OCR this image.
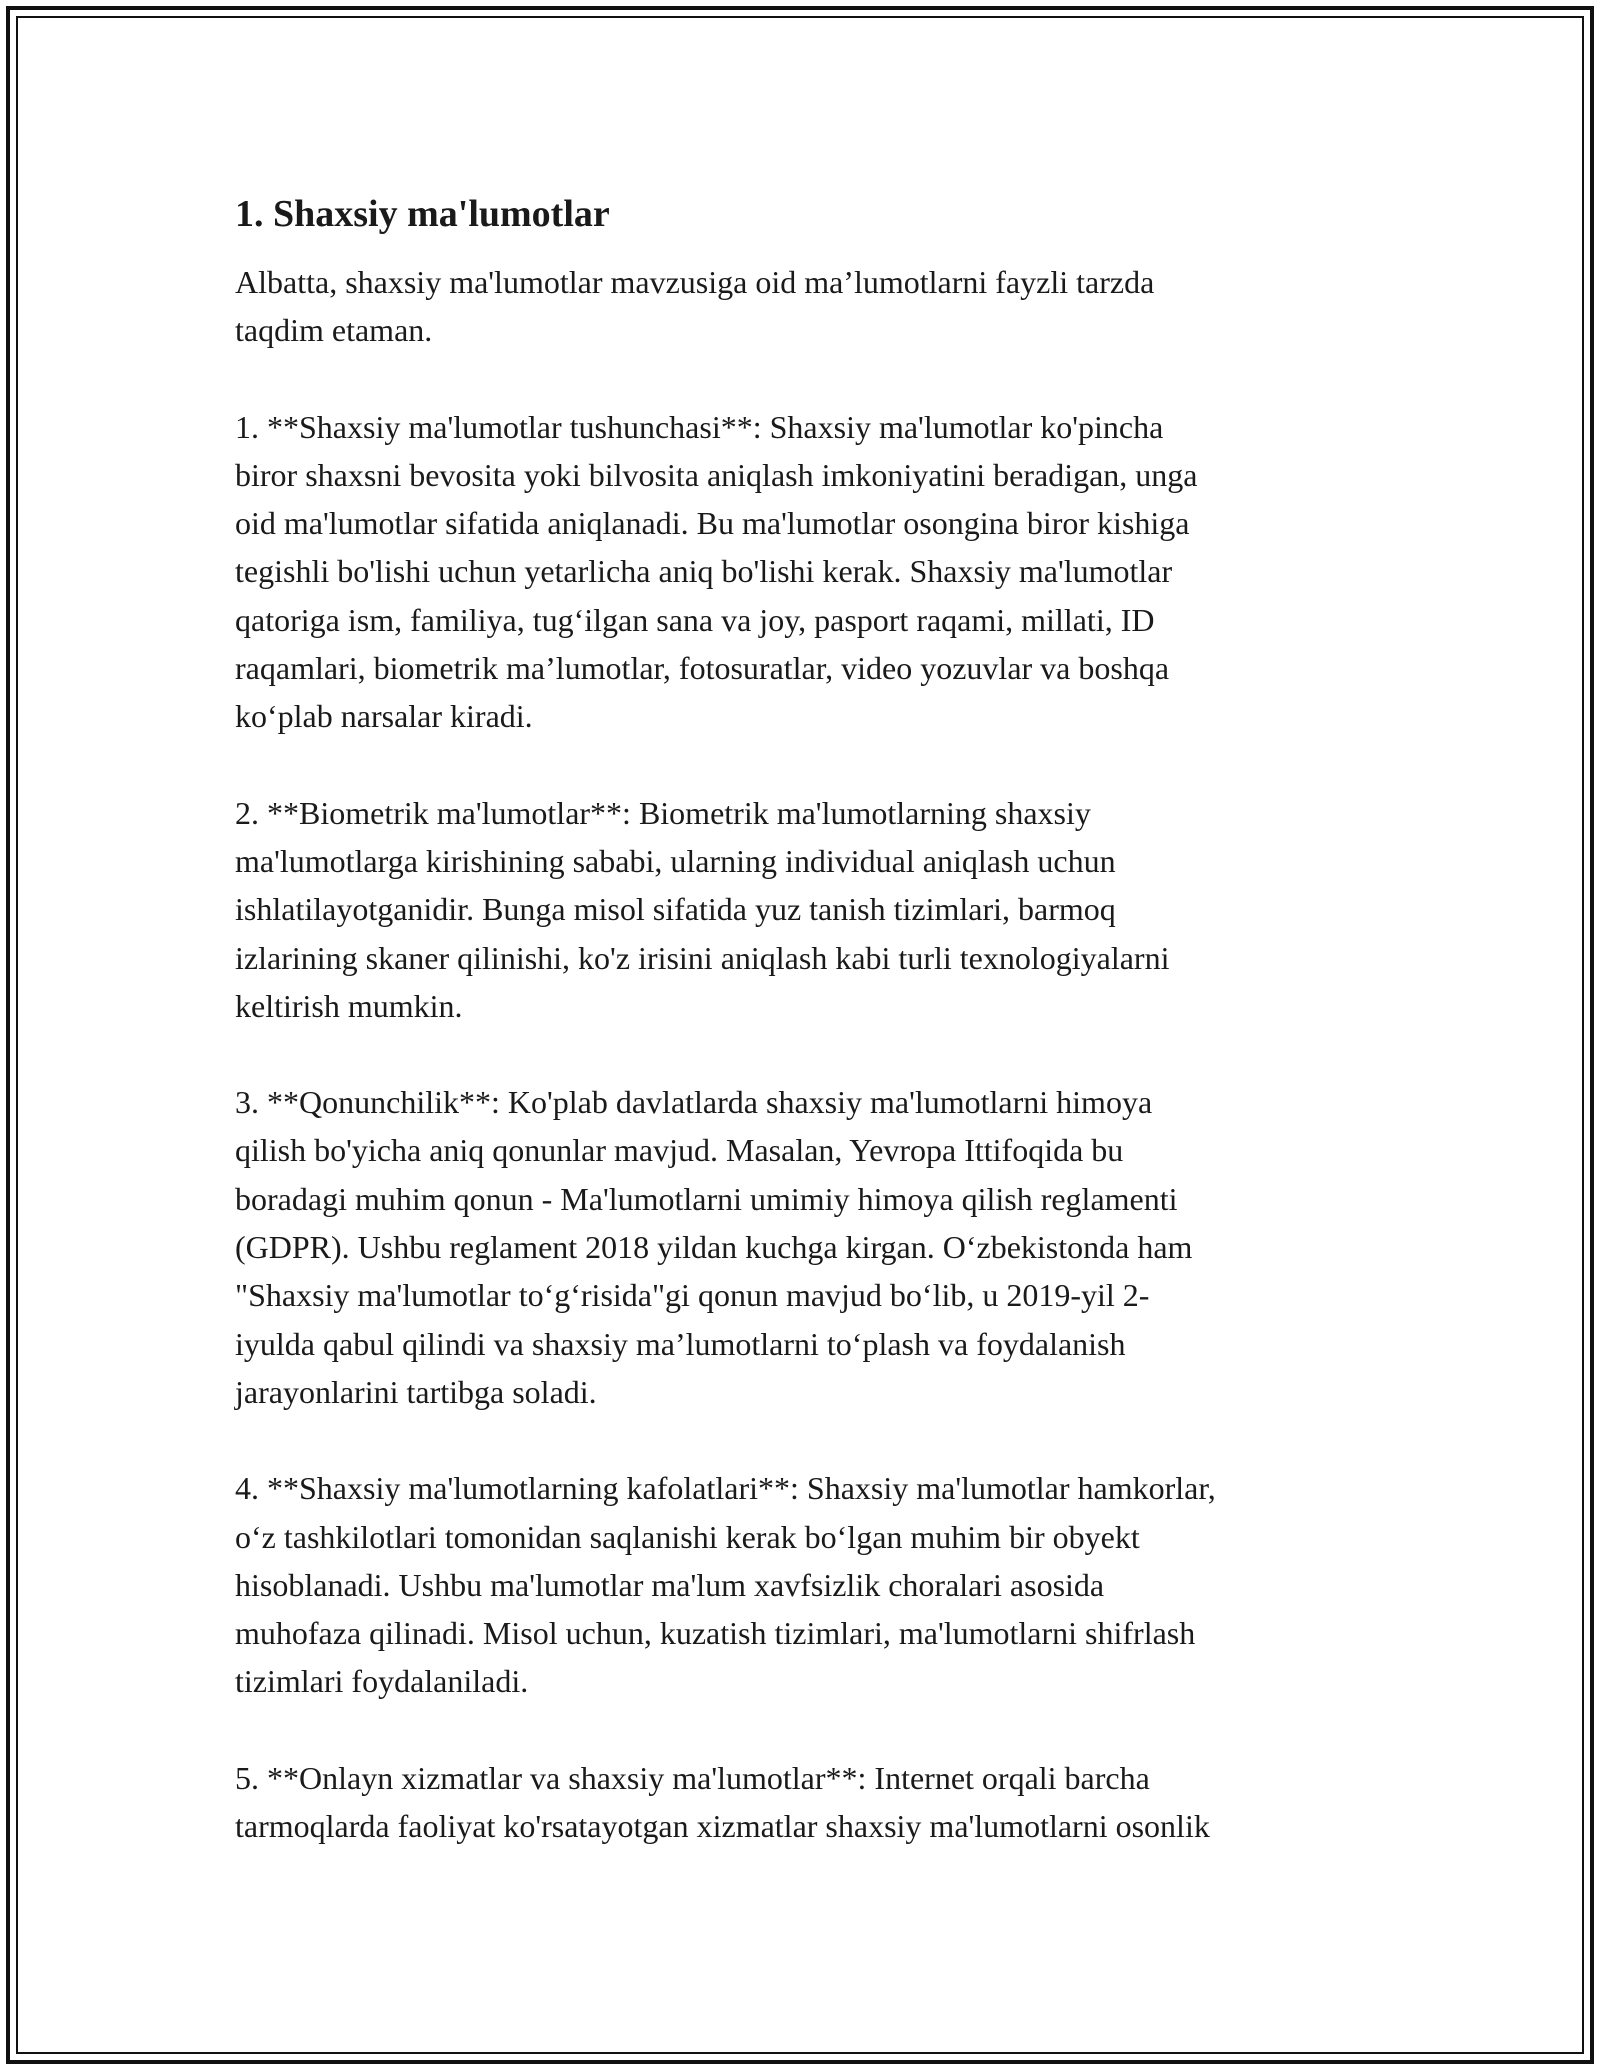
1. Shaxsiy ma'lumotlar

Albatta, shaxsiy ma'lumotlar mavzusiga oid ma’lumotlarni fayzli tarzda
taqdim etaman.

1. **Shaxsiy ma'lumotlar tushunchasi**: Shaxsiy ma'lumotlar ko'pincha
biror shaxsni bevosita yoki bilvosita aniqlash imkoniyatini beradigan, unga
oid ma'lumotlar sifatida aniqlanadi. Bu ma'lumotlar osongina biror kishiga
tegishli bo'lishi uchun yetarlicha aniq bo'lishi kerak. Shaxsiy ma'lumotlar
qatoriga ism, familiya, tug‘ilgan sana va joy, pasport raqami, millati, ID
raqamlari, biometrik ma’lumotlar, fotosuratlar, video yozuvlar va boshqa
ko‘plab narsalar kiradi.

2. **Biometrik ma'lumotlar**: Biometrik ma'lumotlarning shaxsiy
ma'lumotlarga kirishining sababi, ularning individual aniqlash uchun
ishlatilayotganidir. Bunga misol sifatida yuz tanish tizimlari, barmoq
izlarining skaner qilinishi, ko'z irisini aniqlash kabi turli texnologiyalarni
keltirish mumkin.

3. **Qonunchilik**: Ko'plab davlatlarda shaxsiy ma'lumotlarni himoya
qilish bo'yicha aniq qonunlar mavjud. Masalan, Yevropa Ittifoqida bu
boradagi muhim qonun - Ma'lumotlarni umimiy himoya qilish reglamenti
(GDPR). Ushbu reglament 2018 yildan kuchga kirgan. O‘zbekistonda ham
"Shaxsiy ma'lumotlar to‘g‘risida"gi qonun mavjud bo‘lib, u 2019-yil 2-
iyulda qabul qilindi va shaxsiy ma’lumotlarni to‘plash va foydalanish
jarayonlarini tartibga soladi.

4. **Shaxsiy ma'lumotlarning kafolatlari**: Shaxsiy ma'lumotlar hamkorlar,
o‘z tashkilotlari tomonidan saqlanishi kerak bo‘lgan muhim bir obyekt
hisoblanadi. Ushbu ma'lumotlar ma'lum xavfsizlik choralari asosida
muhofaza qilinadi. Misol uchun, kuzatish tizimlari, ma'lumotlarni shifrlash
tizimlari foydalaniladi.

5. **Onlayn xizmatlar va shaxsiy ma'lumotlar**: Internet orqali barcha
tarmoqlarda faoliyat ko'rsatayotgan xizmatlar shaxsiy ma'lumotlarni osonlik
